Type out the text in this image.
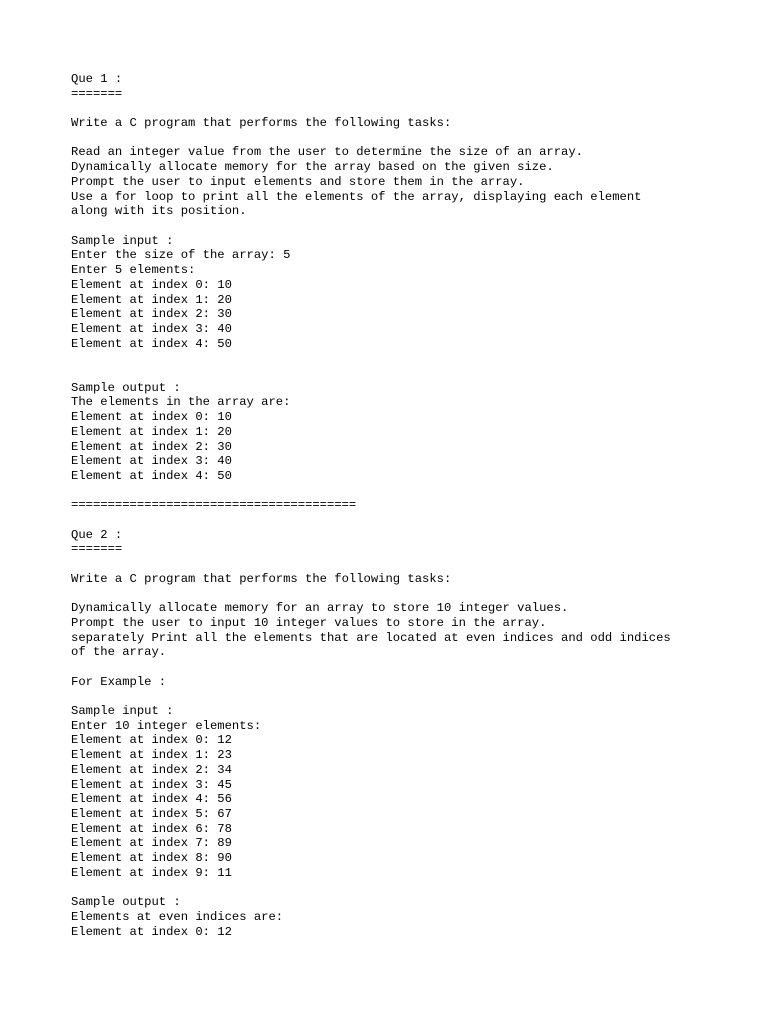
Que 1 :
=======
Write a C program that performs the following tasks:
Read an integer value from the user to determine the size of an array.
Dynamically allocate memory for the array based on the given size.
Prompt the user to input elements and store them in the array.
Use a for loop to print all the elements of the array, displaying each element
along with its position.
Sample input :
Enter the size of the array: 5
Enter 5 elements:
Element at index 0: 10
Element at index 1: 20
Element at index 2: 30
Element at index 3: 40
Element at index 4: 50
Sample output :
The elements in the array are:
Element at index 0: 10
Element at index 1: 20
Element at index 2: 30
Element at index 3: 40
Element at index 4: 50
=======================================
Que 2 :
=======
Write a C program that performs the following tasks:
Dynamically allocate memory for an array to store 10 integer values.
Prompt the user to input 10 integer values to store in the array.
separately Print all the elements that are located at even indices and odd indices
of the array.
For Example :
Sample input :
Enter 10 integer elements:
Element at index 0: 12
Element at index 1: 23
Element at index 2: 34
Element at index 3: 45
Element at index 4: 56
Element at index 5: 67
Element at index 6: 78
Element at index 7: 89
Element at index 8: 90
Element at index 9: 11
Sample output :
Elements at even indices are:
Element at index 0: 12
